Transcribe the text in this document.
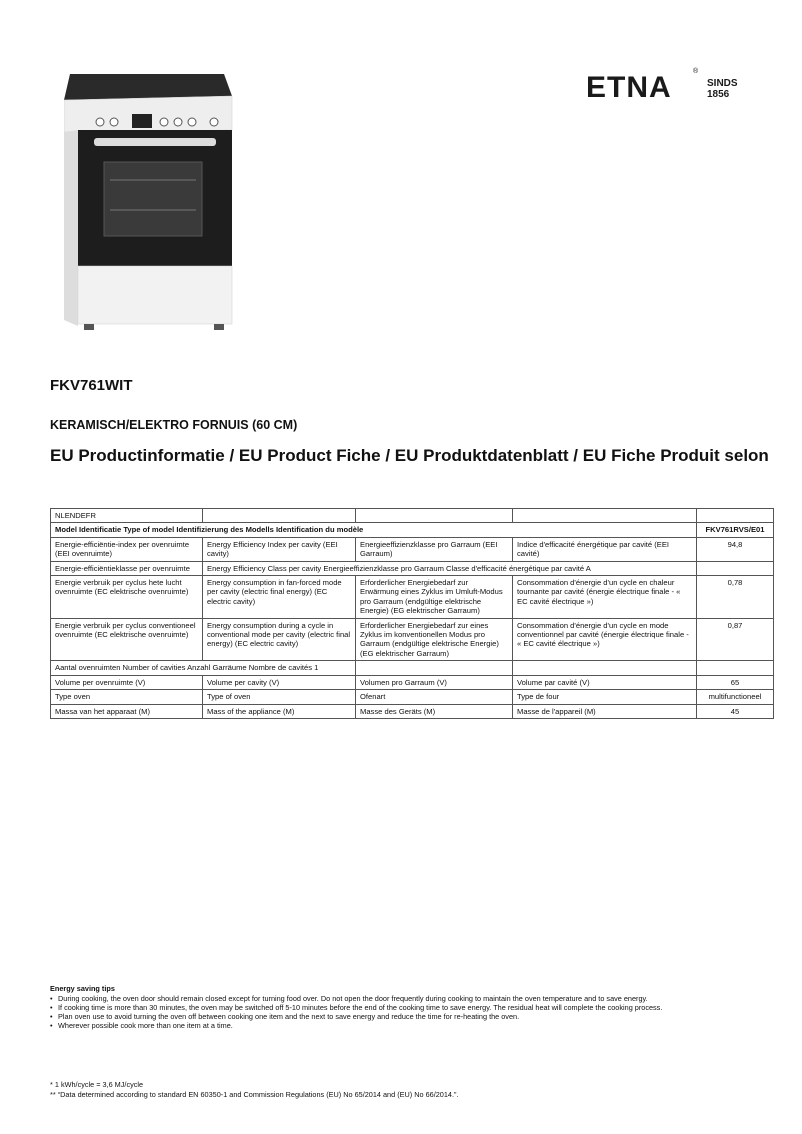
ETNA	®
SINDS
1856
FKV761WIT
KERAMISCH/ELEKTRO FORNUIS (60 CM)
EU Productinformatie / EU Product Fiche / EU Produktdatenblatt / EU Fiche Produit selon
NLENDEFR				
Model Identificatie Type of model Identifizierung des Modells Identification du modèle				FKV761RVS/E01
Energie-efficiëntie-index per ovenruimte (EEI ovenruimte)	Energy Efficiency Index per cavity (EEI cavity)	Energieeffizienzklasse pro Garraum (EEI Garraum)	Indice d'efficacité énergétique par cavité (EEI cavité)	94,8
Energie-efficiëntieklasse per ovenruimte	Energy Efficiency Class per cavity Energieeffizienzklasse pro Garraum Classe d'efficacité énergétique par cavité A			
Energie verbruik per cyclus hete lucht ovenruimte (EC elektrische ovenruimte)	Energy consumption in fan-forced mode per cavity (electric final energy) (EC electric cavity)	Erforderlicher Energiebedarf zur Erwärmung eines Zyklus im Umluft-Modus pro Garraum (endgültige elektrische Energie) (EG elektrischer Garraum)	Consommation d'énergie d'un cycle en chaleur tournante par cavité (énergie électrique finale - « EC cavité électrique »)	0,78
Energie verbruik per cyclus conventioneel ovenruimte (EC elektrische ovenruimte)	Energy consumption during a cycle in conventional mode per cavity (electric final energy) (EC electric cavity)	Erforderlicher Energiebedarf zur eines Zyklus im konventionellen Modus pro Garraum (endgültige elektrische Energie) (EG elektrischer Garraum)	Consommation d'énergie d'un cycle en mode conventionnel par cavité (énergie électrique finale - « EC cavité électrique »)	0,87
Aantal ovenruimten Number of cavities Anzahl Garräume Nombre de cavités 1				
Volume per ovenruimte (V)	Volume per cavity (V)	Volumen pro Garraum (V)	Volume par cavité (V)	65
Type oven	Type of oven	Ofenart	Type de four	multifunctioneel
Massa van het apparaat (M)	Mass of the appliance (M)	Masse des Geräts (M)	Masse de l'appareil (M)	45

Energy saving tips

• During cooking, the oven door should remain closed except for turning food over. Do not open the door frequently during cooking to maintain the oven temperature and to save energy.
• If cooking time is more than 30 minutes, the oven may be switched off 5-10 minutes before the end of the cooking time to save energy. The residual heat will complete the cooking process.
• Plan oven use to avoid turning the oven off between cooking one item and the next to save energy and reduce the time for re-heating the oven.
• Wherever possible cook more than one item at a time.
* 1 kWh/cycle = 3,6 MJ/cycle
** “Data determined according to standard EN 60350-1 and Commission Regulations (EU) No 65/2014 and (EU) No 66/2014.”.
